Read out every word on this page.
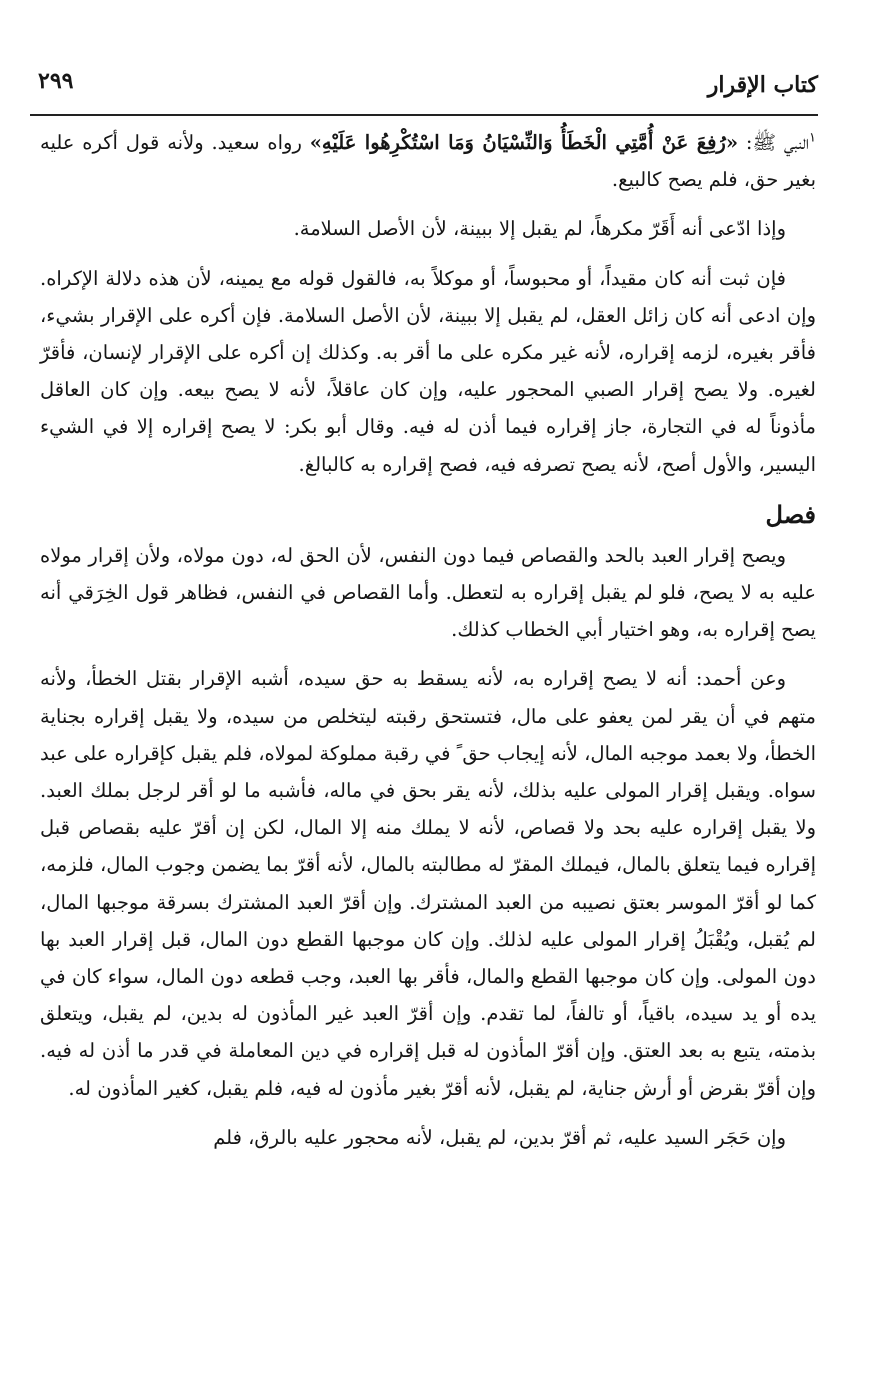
كتاب الإقرار
٢٩٩

$^١$النبي ﷺ: «رُفِعَ عَنْ أُمَّتِي الْخَطَأُ وَالنِّسْيَانُ وَمَا اسْتُكْرِهُوا عَلَيْهِ» رواه سعيد. ولأنه قول أكره عليه بغير حق، فلم يصح كالبيع.

وإذا ادّعى أنه أَقَرّ مكرهاً، لم يقبل إلا ببينة، لأن الأصل السلامة.

فإن ثبت أنه كان مقيداً، أو محبوساً، أو موكلاً به، فالقول قوله مع يمينه، لأن هذه دلالة الإكراه. وإن ادعى أنه كان زائل العقل، لم يقبل إلا ببينة، لأن الأصل السلامة. فإن أكره على الإقرار بشيء، فأقر بغيره، لزمه إقراره، لأنه غير مكره على ما أقر به. وكذلك إن أكره على الإقرار لإنسان، فأقرّ لغيره. ولا يصح إقرار الصبي المحجور عليه، وإن كان عاقلاً، لأنه لا يصح بيعه. وإن كان العاقل مأذوناً له في التجارة، جاز إقراره فيما أذن له فيه. وقال أبو بكر: لا يصح إقراره إلا في الشيء اليسير، والأول أصح، لأنه يصح تصرفه فيه، فصح إقراره به كالبالغ.

فصل

ويصح إقرار العبد بالحد والقصاص فيما دون النفس، لأن الحق له، دون مولاه، ولأن إقرار مولاه عليه به لا يصح، فلو لم يقبل إقراره به لتعطل. وأما القصاص في النفس، فظاهر قول الخِرَقي أنه يصح إقراره به، وهو اختيار أبي الخطاب كذلك.

وعن أحمد: أنه لا يصح إقراره به، لأنه يسقط به حق سيده، أشبه الإقرار بقتل الخطأ، ولأنه متهم في أن يقر لمن يعفو على مال، فتستحق رقبته ليتخلص من سيده، ولا يقبل إقراره بجناية الخطأ، ولا بعمد موجبه المال، لأنه إيجاب حق ً في رقبة مملوكة لمولاه، فلم يقبل كإقراره على عبد سواه. ويقبل إقرار المولى عليه بذلك، لأنه يقر بحق في ماله، فأشبه ما لو أقر لرجل بملك العبد. ولا يقبل إقراره عليه بحد ولا قصاص، لأنه لا يملك منه إلا المال، لكن إن أقرّ عليه بقصاص قبل إقراره فيما يتعلق بالمال، فيملك المقرّ له مطالبته بالمال، لأنه أقرّ بما يضمن وجوب المال، فلزمه، كما لو أقرّ الموسر بعتق نصيبه من العبد المشترك. وإن أقرّ العبد المشترك بسرقة موجبها المال، لم يُقبل، ويُقْبَلُ إقرار المولى عليه لذلك. وإن كان موجبها القطع دون المال، قبل إقرار العبد بها دون المولى. وإن كان موجبها القطع والمال، فأقر بها العبد، وجب قطعه دون المال، سواء كان في يده أو يد سيده، باقياً، أو تالفاً، لما تقدم. وإن أقرّ العبد غير المأذون له بدين، لم يقبل، ويتعلق بذمته، يتبع به بعد العتق. وإن أقرّ المأذون له قبل إقراره في دين المعاملة في قدر ما أذن له فيه. وإن أقرّ بقرض أو أرش جناية، لم يقبل، لأنه أقرّ بغير مأذون له فيه، فلم يقبل، كغير المأذون له.

وإن حَجَر السيد عليه، ثم أقرّ بدين، لم يقبل، لأنه محجور عليه بالرق، فلم
